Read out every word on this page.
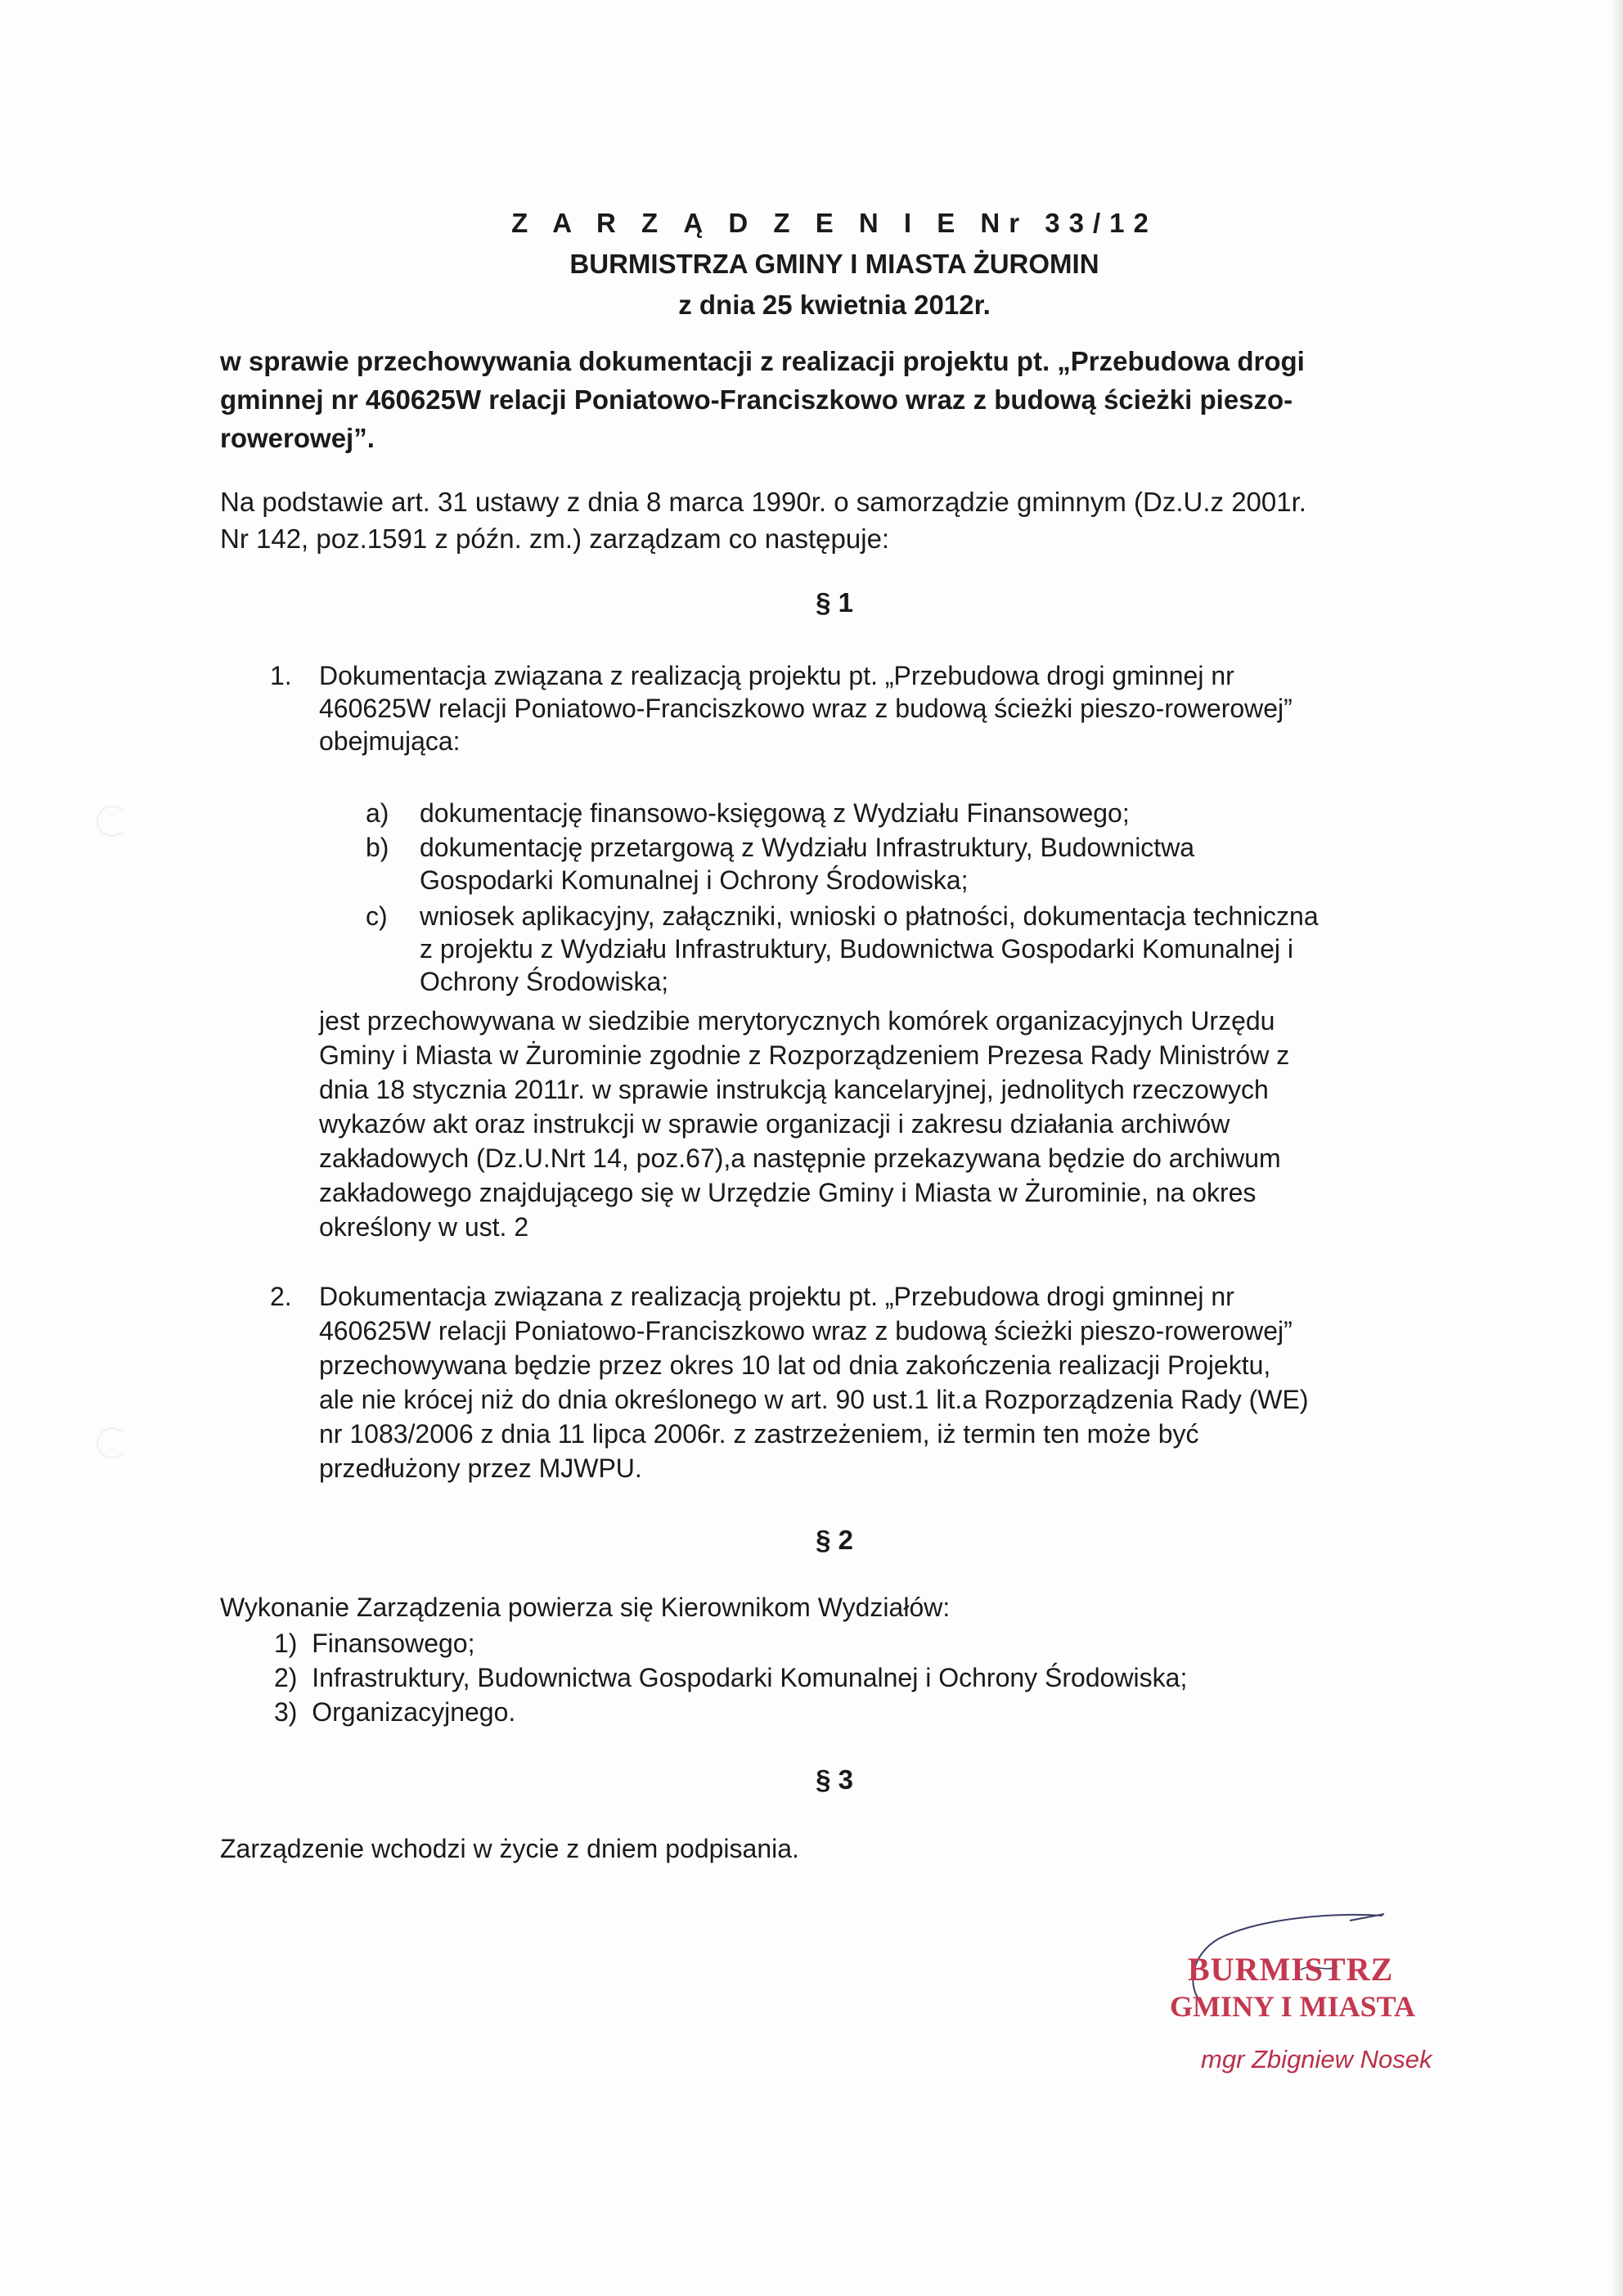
Z A R Z Ą D Z E N I E Nr 33/12
BURMISTRZA GMINY I MIASTA ŻUROMIN
z dnia 25 kwietnia 2012r.
w sprawie przechowywania dokumentacji z realizacji projektu pt. „Przebudowa drogi
gminnej nr 460625W relacji Poniatowo-Franciszkowo wraz z budową ścieżki pieszo-
rowerowej”.
Na podstawie art. 31 ustawy z dnia 8 marca 1990r. o samorządzie gminnym (Dz.U.z 2001r.
Nr 142, poz.1591 z późn. zm.) zarządzam co następuje:
§ 1
1. Dokumentacja związana z realizacją projektu pt. „Przebudowa drogi gminnej nr
460625W relacji Poniatowo-Franciszkowo wraz z budową ścieżki pieszo-rowerowej”
obejmująca:
a) dokumentację finansowo-księgową z Wydziału Finansowego;
b) dokumentację przetargową z Wydziału Infrastruktury, Budownictwa
Gospodarki Komunalnej i Ochrony Środowiska;
c) wniosek aplikacyjny, załączniki, wnioski o płatności, dokumentacja techniczna
z projektu z Wydziału Infrastruktury, Budownictwa Gospodarki Komunalnej i
Ochrony Środowiska;
jest przechowywana w siedzibie merytorycznych komórek organizacyjnych Urzędu
Gminy i Miasta w Żurominie zgodnie z Rozporządzeniem Prezesa Rady Ministrów z
dnia 18 stycznia 2011r. w sprawie instrukcją kancelaryjnej, jednolitych rzeczowych
wykazów akt oraz instrukcji w sprawie organizacji i zakresu działania archiwów
zakładowych (Dz.U.Nrt 14, poz.67),a następnie przekazywana będzie do archiwum
zakładowego znajdującego się w Urzędzie Gminy i Miasta w Żurominie, na okres
określony w ust. 2
2. Dokumentacja związana z realizacją projektu pt. „Przebudowa drogi gminnej nr
460625W relacji Poniatowo-Franciszkowo wraz z budową ścieżki pieszo-rowerowej”
przechowywana będzie przez okres 10 lat od dnia zakończenia realizacji Projektu,
ale nie krócej niż do dnia określonego w art. 90 ust.1 lit.a Rozporządzenia Rady (WE)
nr 1083/2006 z dnia 11 lipca 2006r. z zastrzeżeniem, iż termin ten może być
przedłużony przez MJWPU.
§ 2
Wykonanie Zarządzenia powierza się Kierownikom Wydziałów:
1) Finansowego;
2) Infrastruktury, Budownictwa Gospodarki Komunalnej i Ochrony Środowiska;
3) Organizacyjnego.
§ 3
Zarządzenie wchodzi w życie z dniem podpisania.
BURMISTRZ
GMINY I MIASTA
mgr Zbigniew Nosek
